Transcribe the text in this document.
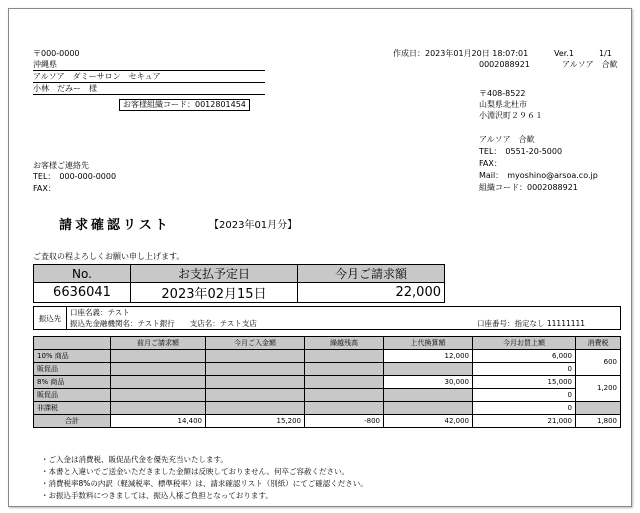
〒000-0000
沖縄県
アルソア　ダミーサロン　セキュア
小林　だみー　様
お客様組織コード：0012801454
作成日：2023年01月20日 18:07:01	Ver.1	1/1
0002088921	アルソア　合歓
〒408-8522
山梨県北杜市
小淵沢町２９６１
アルソア　合歓
TEL：　0551-20-5000
FAX：
Mail：　myoshino@arsoa.co.jp
組織コード：0002088921
お客様ご連絡先
TEL：　000-000-0000
FAX：
請求確認リスト	【2023年01月分】
ご査収の程よろしくお願い申し上げます。
No.	お支払予定日	今月ご請求額
6636041	2023年02月15日	22,000
振込先	口座名義：テスト	
	振込先金融機関名：テスト銀行　　支店名：テスト支店	口座番号：指定なし 11111111
	前月ご請求額	今月ご入金額	繰越残高	上代換算額	今月お買上額	消費税
10% 商品				12,000	6,000	600
販促品					0	
8% 商品				30,000	15,000	1,200
販促品					0	
非課税					0	
合計	14,400	15,200	-800	42,000	21,000	1,800
・ご入金は消費税、販促品代金を優先充当いたします。
・本書と入違いでご送金いただきました金額は反映しておりません。何卒ご容赦ください。
・消費税率8%の内訳（軽減税率、標準税率）は、請求確認リスト（別紙）にてご確認ください。
・お振込手数料につきましては、振込人様ご負担となっております。
